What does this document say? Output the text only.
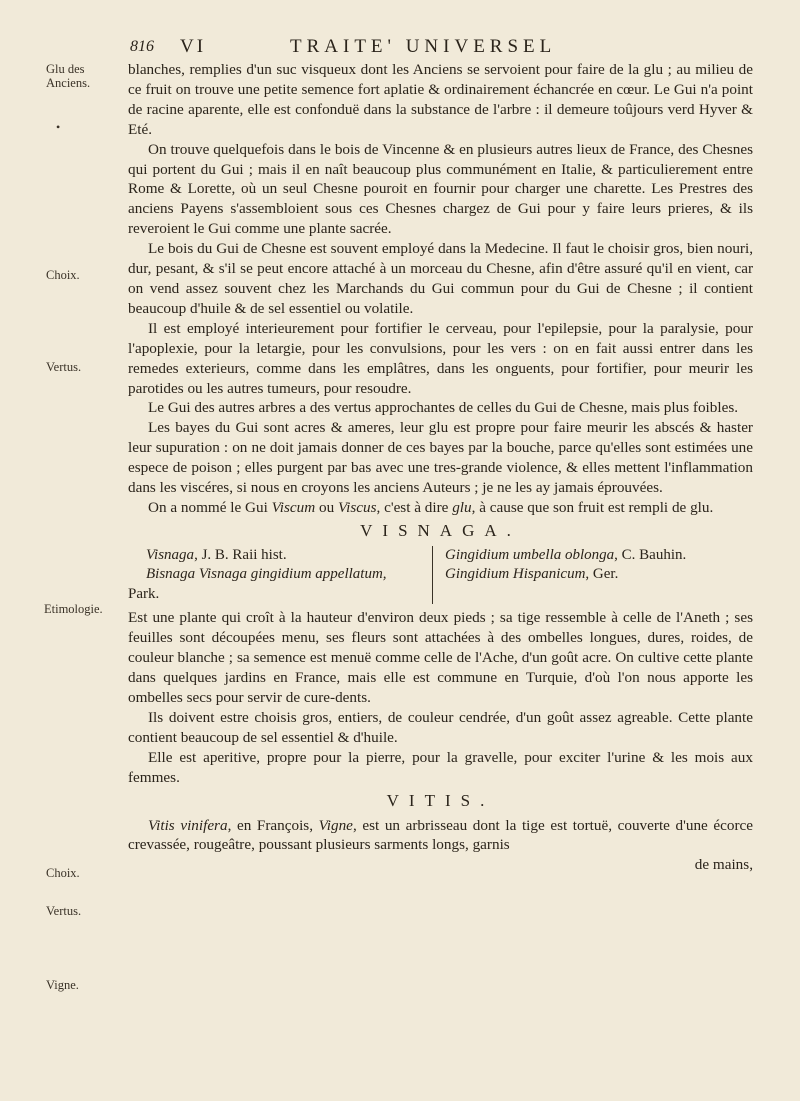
816 VI	TRAITE' UNIVERSEL
Glu des Anciens.
•
Choix.
Vertus.
Etimologie.
Choix.
Vertus.
Vigne.

blanches, remplies d'un suc visqueux dont les Anciens se servoient pour faire de la glu ; au milieu de ce fruit on trouve une petite semence fort aplatie & ordinairement échancrée en cœur. Le Gui n'a point de racine aparente, elle est confonduë dans la substance de l'arbre : il demeure toûjours verd Hyver & Eté.

On trouve quelquefois dans le bois de Vincenne & en plusieurs autres lieux de France, des Chesnes qui portent du Gui ; mais il en naît beaucoup plus communément en Italie, & particulierement entre Rome & Lorette, où un seul Chesne pouroit en fournir pour charger une charette. Les Prestres des anciens Payens s'assembloient sous ces Chesnes chargez de Gui pour y faire leurs prieres, & ils reveroient le Gui comme une plante sacrée.

Le bois du Gui de Chesne est souvent employé dans la Medecine. Il faut le choisir gros, bien nouri, dur, pesant, & s'il se peut encore attaché à un morceau du Chesne, afin d'être assuré qu'il en vient, car on vend assez souvent chez les Marchands du Gui commun pour du Gui de Chesne ; il contient beaucoup d'huile & de sel essentiel ou volatile.

Il est employé interieurement pour fortifier le cerveau, pour l'epilepsie, pour la paralysie, pour l'apoplexie, pour la letargie, pour les convulsions, pour les vers : on en fait aussi entrer dans les remedes exterieurs, comme dans les emplâtres, dans les onguents, pour fortifier, pour meurir les parotides ou les autres tumeurs, pour resoudre.

Le Gui des autres arbres a des vertus approchantes de celles du Gui de Chesne, mais plus foibles.

Les bayes du Gui sont acres & ameres, leur glu est propre pour faire meurir les abscés & haster leur supuration : on ne doit jamais donner de ces bayes par la bouche, parce qu'elles sont estimées une espece de poison ; elles purgent par bas avec une tres-grande violence, & elles mettent l'inflammation dans les viscéres, si nous en croyons les anciens Auteurs ; je ne les ay jamais éprouvées.

On a nommé le Gui Viscum ou Viscus, c'est à dire glu, à cause que son fruit est rempli de glu.

VISNAGA.
Visnaga, J. B. Raii hist.
Bisnaga Visnaga gingidium appellatum,
Park.
Gingidium umbella oblonga, C. Bauhin.
Gingidium Hispanicum, Ger.

Est une plante qui croît à la hauteur d'environ deux pieds ; sa tige ressemble à celle de l'Aneth ; ses feuilles sont découpées menu, ses fleurs sont attachées à des ombelles longues, dures, roides, de couleur blanche ; sa semence est menuë comme celle de l'Ache, d'un goût acre. On cultive cette plante dans quelques jardins en France, mais elle est commune en Turquie, d'où l'on nous apporte les ombelles secs pour servir de cure-dents.

Ils doivent estre choisis gros, entiers, de couleur cendrée, d'un goût assez agreable. Cette plante contient beaucoup de sel essentiel & d'huile.

Elle est aperitive, propre pour la pierre, pour la gravelle, pour exciter l'urine & les mois aux femmes.

VITIS.

Vitis vinifera, en François, Vigne, est un arbrisseau dont la tige est tortuë, couverte d'une écorce crevassée, rougeâtre, poussant plusieurs sarments longs, garnis

de mains,
